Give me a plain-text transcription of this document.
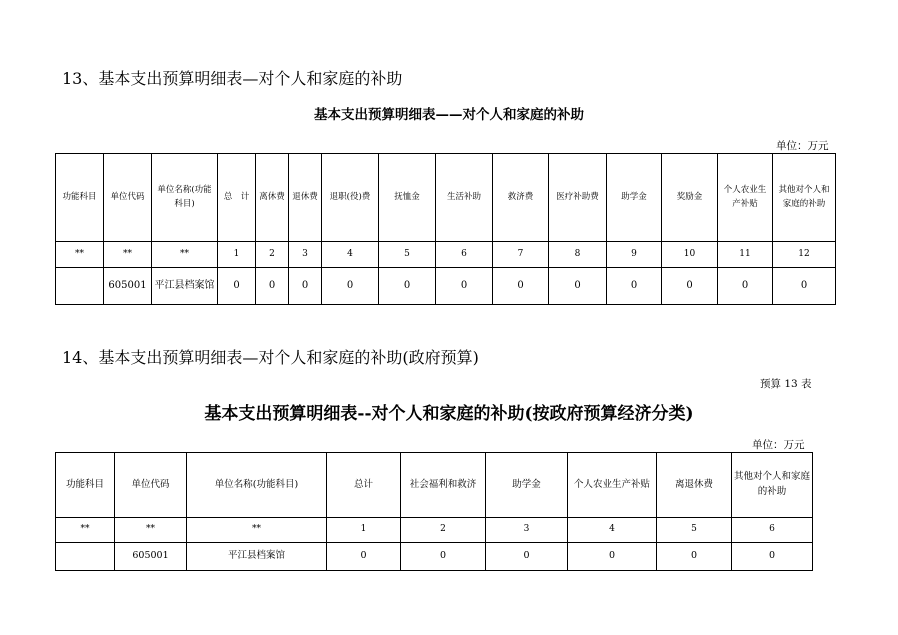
13、基本支出预算明细表—对个人和家庭的补助
基本支出预算明细表——对个人和家庭的补助
单位：万元
功能科目	单位代码	单位名称(功能科目)	总　计	离休费	退休费	退职(役)费	抚恤金	生活补助	救济费	医疗补助费	助学金	奖励金	个人农业生产补贴	其他对个人和家庭的补助
**	**	**	1	2	3	4	5	6	7	8	9	10	11	12
	605001	平江县档案馆	0	0	0	0	0	0	0	0	0	0	0	0
14、基本支出预算明细表—对个人和家庭的补助(政府预算)
预算 13 表
基本支出预算明细表--对个人和家庭的补助(按政府预算经济分类)
单位：万元
功能科目	单位代码	单位名称(功能科目)	总计	社会福利和救济	助学金	个人农业生产补贴	离退休费	其他对个人和家庭的补助
**	**	**	1	2	3	4	5	6
	605001	平江县档案馆	0	0	0	0	0	0
